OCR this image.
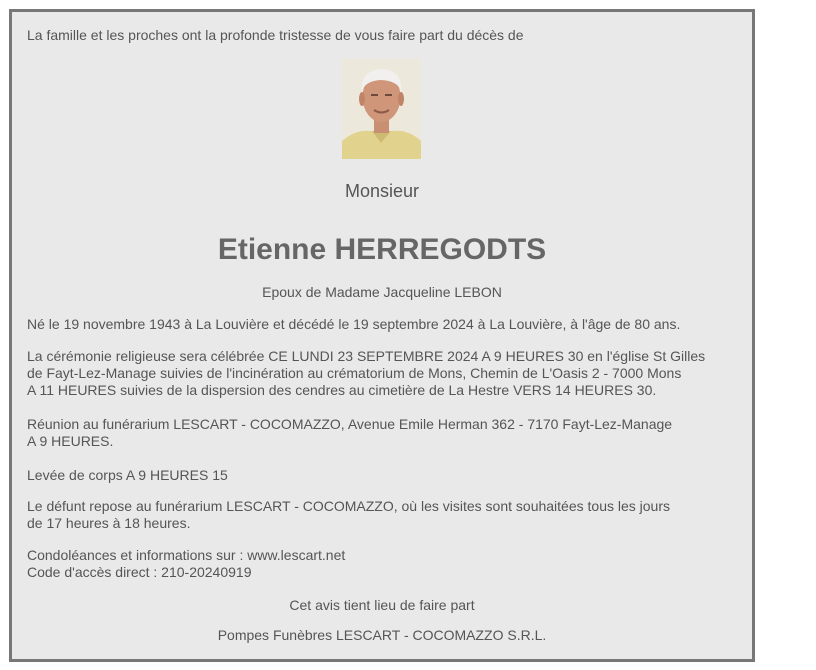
La famille et les proches ont la profonde tristesse de vous faire part du décès de
Monsieur
Etienne HERREGODTS
Epoux de Madame Jacqueline LEBON
Né le 19 novembre 1943 à La Louvière et décédé le 19 septembre 2024 à La Louvière, à l'âge de 80 ans.
La cérémonie religieuse sera célébrée CE LUNDI 23 SEPTEMBRE 2024 A 9 HEURES 30 en l'église St Gilles
de Fayt-Lez-Manage suivies de l'incinération au crématorium de Mons, Chemin de L'Oasis 2 - 7000 Mons
A 11 HEURES suivies de la dispersion des cendres au cimetière de La Hestre VERS 14 HEURES 30.
Réunion au funérarium LESCART - COCOMAZZO, Avenue Emile Herman 362 - 7170 Fayt-Lez-Manage
A 9 HEURES.
Levée de corps A 9 HEURES 15
Le défunt repose au funérarium LESCART - COCOMAZZO, où les visites sont souhaitées tous les jours
de 17 heures à 18 heures.
Condoléances et informations sur : www.lescart.net
Code d'accès direct : 210-20240919
Cet avis tient lieu de faire part
Pompes Funèbres LESCART - COCOMAZZO S.R.L.
